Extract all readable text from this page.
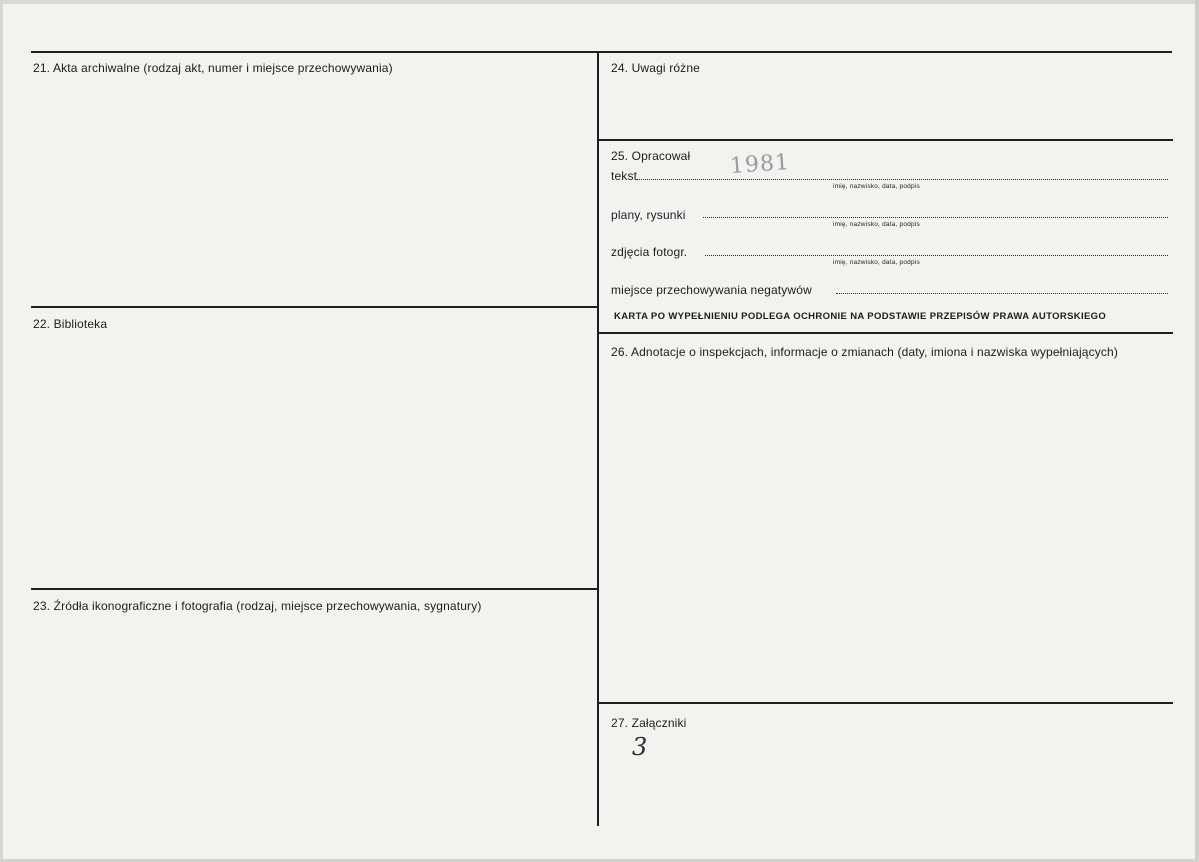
21. Akta archiwalne (rodzaj akt, numer i miejsce przechowywania)
22. Biblioteka
23. Źródła ikonograficzne i fotografia (rodzaj, miejsce przechowywania, sygnatury)
24. Uwagi różne
25. Opracował
26. Adnotacje o inspekcjach, informacje o zmianach (daty, imiona i nazwiska wypełniających)
27. Załączniki
tekst
imię, nazwisko, data, podpis
plany, rysunki
imię, nazwisko, data, podpis
zdjęcia fotogr.
imię, nazwisko, data, podpis
miejsce przechowywania negatywów
KARTA PO WYPEŁNIENIU PODLEGA OCHRONIE NA PODSTAWIE PRZEPISÓW PRAWA AUTORSKIEGO
1981
3
